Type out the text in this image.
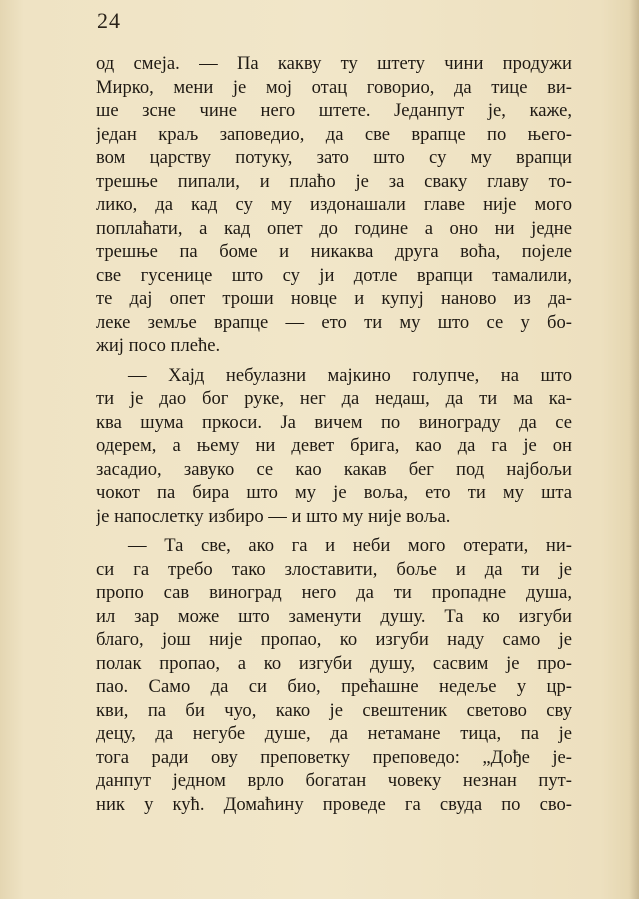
24
од смеја. — Па какву ту штету чини продужи
Мирко, мени је мој отац говорио, да тице ви-
ше зсне чине него штете. Једанпут је, каже,
један краљ заповедио, да све врапце по њего-
вом царству потуку, зато што су му врапци
трешње пипали, и плаћо је за сваку главу то-
лико, да кад су му издонашали главе није мого
поплаћати, а кад опет до године а оно ни једне
трешње па боме и никаква друга воћа, појеле
све гусенице што су ји дотле врапци тамалили,
те дај опет троши новце и купуј наново из да-
леке земље врапце — ето ти му што се у бо-
жиј посо плеће.
— Хајд небулазни мајкино голупче, на што
ти је дао бог руке, нег да недаш, да ти ма ка-
ква шума пркоси. Ја вичем по винограду да се
одерем, а њему ни девет брига, као да га је он
засадио, завуко се као какав бег под најбољи
чокот па бира што му је воља, ето ти му шта
је напослетку избиро — и што му није воља.
— Та све, ако га и неби мого отерати, ни-
си га требо тако злоставити, боље и да ти је
пропо сав виноград него да ти пропадне душа,
ил зар може што заменути душу. Та ко изгуби
благо, још није пропао, ко изгуби наду само је
полак пропао, а ко изгуби душу, сасвим је про-
пао. Само да си био, прећашне недеље у цр-
кви, па би чуо, како је свештеник светово сву
децу, да негубе душе, да нетамане тица, па је
тога ради ову преповетку преповедо: „Дође је-
данпут једном врло богатан човеку незнан пут-
ник у кућ. Домаћину проведе га свуда по сво-
